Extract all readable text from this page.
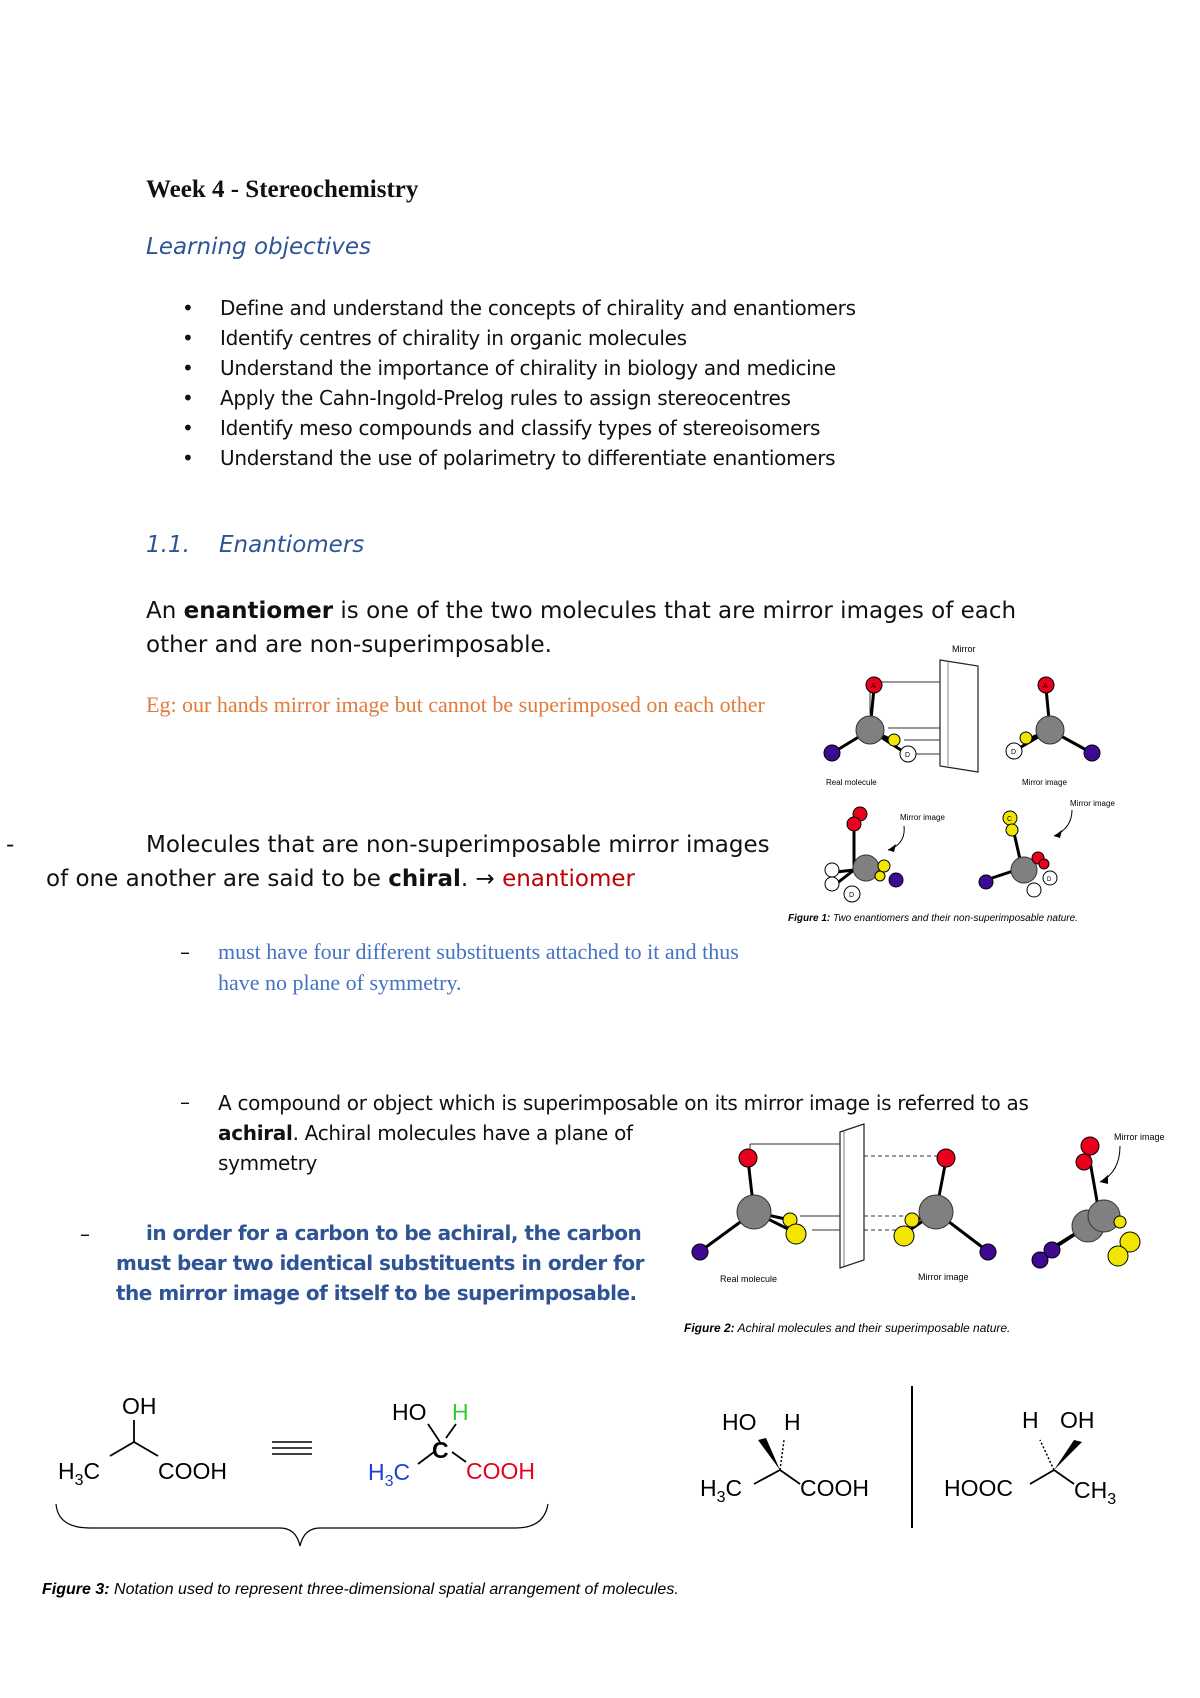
Week 4 - Stereochemistry
Learning objectives
• Define and understand the concepts of chirality and enantiomers
• Identify centres of chirality in organic molecules
• Understand the importance of chirality in biology and medicine
• Apply the Cahn-Ingold-Prelog rules to assign stereocentres
• Identify meso compounds and classify types of stereoisomers
• Understand the use of polarimetry to differentiate enantiomers
1.1. Enantiomers
An enantiomer is one of the two molecules that are mirror images of each other and are non-superimposable.
Eg: our hands mirror image but cannot be superimposed on each other
-	Molecules that are non-superimposable mirror images
of one another are said to be chiral. → enantiomer
– must have four different substituents attached to it and thus have no plane of symmetry.
– A compound or object which is superimposable on its mirror image is referred to as
achiral. Achiral molecules have a plane of symmetry
–	in order for a carbon to be achiral, the carbon must bear two identical substituents in order for the mirror image of itself to be superimposable.
Mirror
A
D
A
D
Real molecule	Mirror image
D
Mirror image	C
D
Mirror image
Figure 1: Two enantiomers and their non-superimposable nature.
Real molecule	Mirror image
Mirror image
Figure 2: Achiral molecules and their superimposable nature.
OH
$H_3C$	COOH
HO H
C
$H_3C$ COOH
HO H
$H_3C$	COOH
H OH
HOOC	$CH_3$
Figure 3: Notation used to represent three-dimensional spatial arrangement of molecules.
